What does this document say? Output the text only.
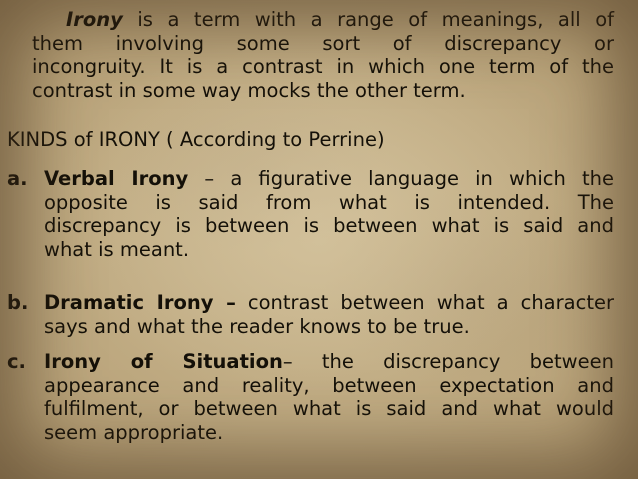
Irony is a term with a range of meanings, all of
them involving some sort of discrepancy or
incongruity. It is a contrast in which one term of the
contrast in some way mocks the other term.
KINDS of IRONY ( According to Perrine)
a. Verbal Irony – a figurative language in which the
opposite is said from what is intended. The
discrepancy is between is between what is said and
what is meant.
b. Dramatic Irony – contrast between what a character
says and what the reader knows to be true.
c. Irony of Situation– the discrepancy between
appearance and reality, between expectation and
fulfilment, or between what is said and what would
seem appropriate.
